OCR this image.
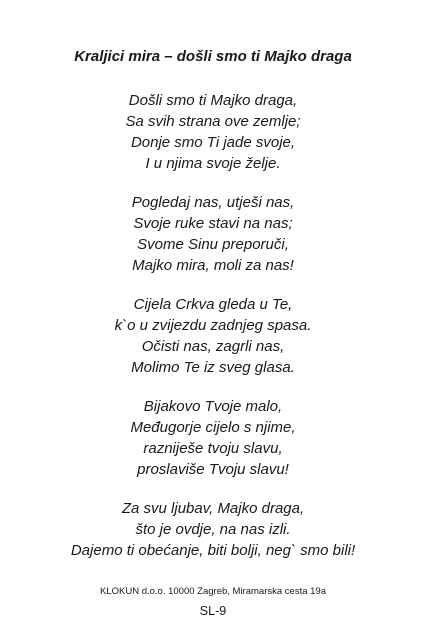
Kraljici mira – došli smo ti Majko draga
Došli smo ti Majko draga,
Sa svih strana ove zemlje;
Donje smo Ti jade svoje,
I u njima svoje želje.
Pogledaj nas, utješi nas,
Svoje ruke stavi na nas;
Svome Sinu preporuči,
Majko mira, moli za nas!
Cijela Crkva gleda u Te,
k`o u zvijezdu zadnjeg spasa.
Očisti nas, zagrli nas,
Molimo Te iz sveg glasa.
Bijakovo Tvoje malo,
Međugorje cijelo s njime,
razniješe tvoju slavu,
proslaviše Tvoju slavu!
Za svu ljubav, Majko draga,
što je ovdje, na nas izli.
Dajemo ti obećanje, biti bolji, neg` smo bili!
KLOKUN d.o.o. 10000 Zagreb, Miramarska cesta 19a
SL-9
